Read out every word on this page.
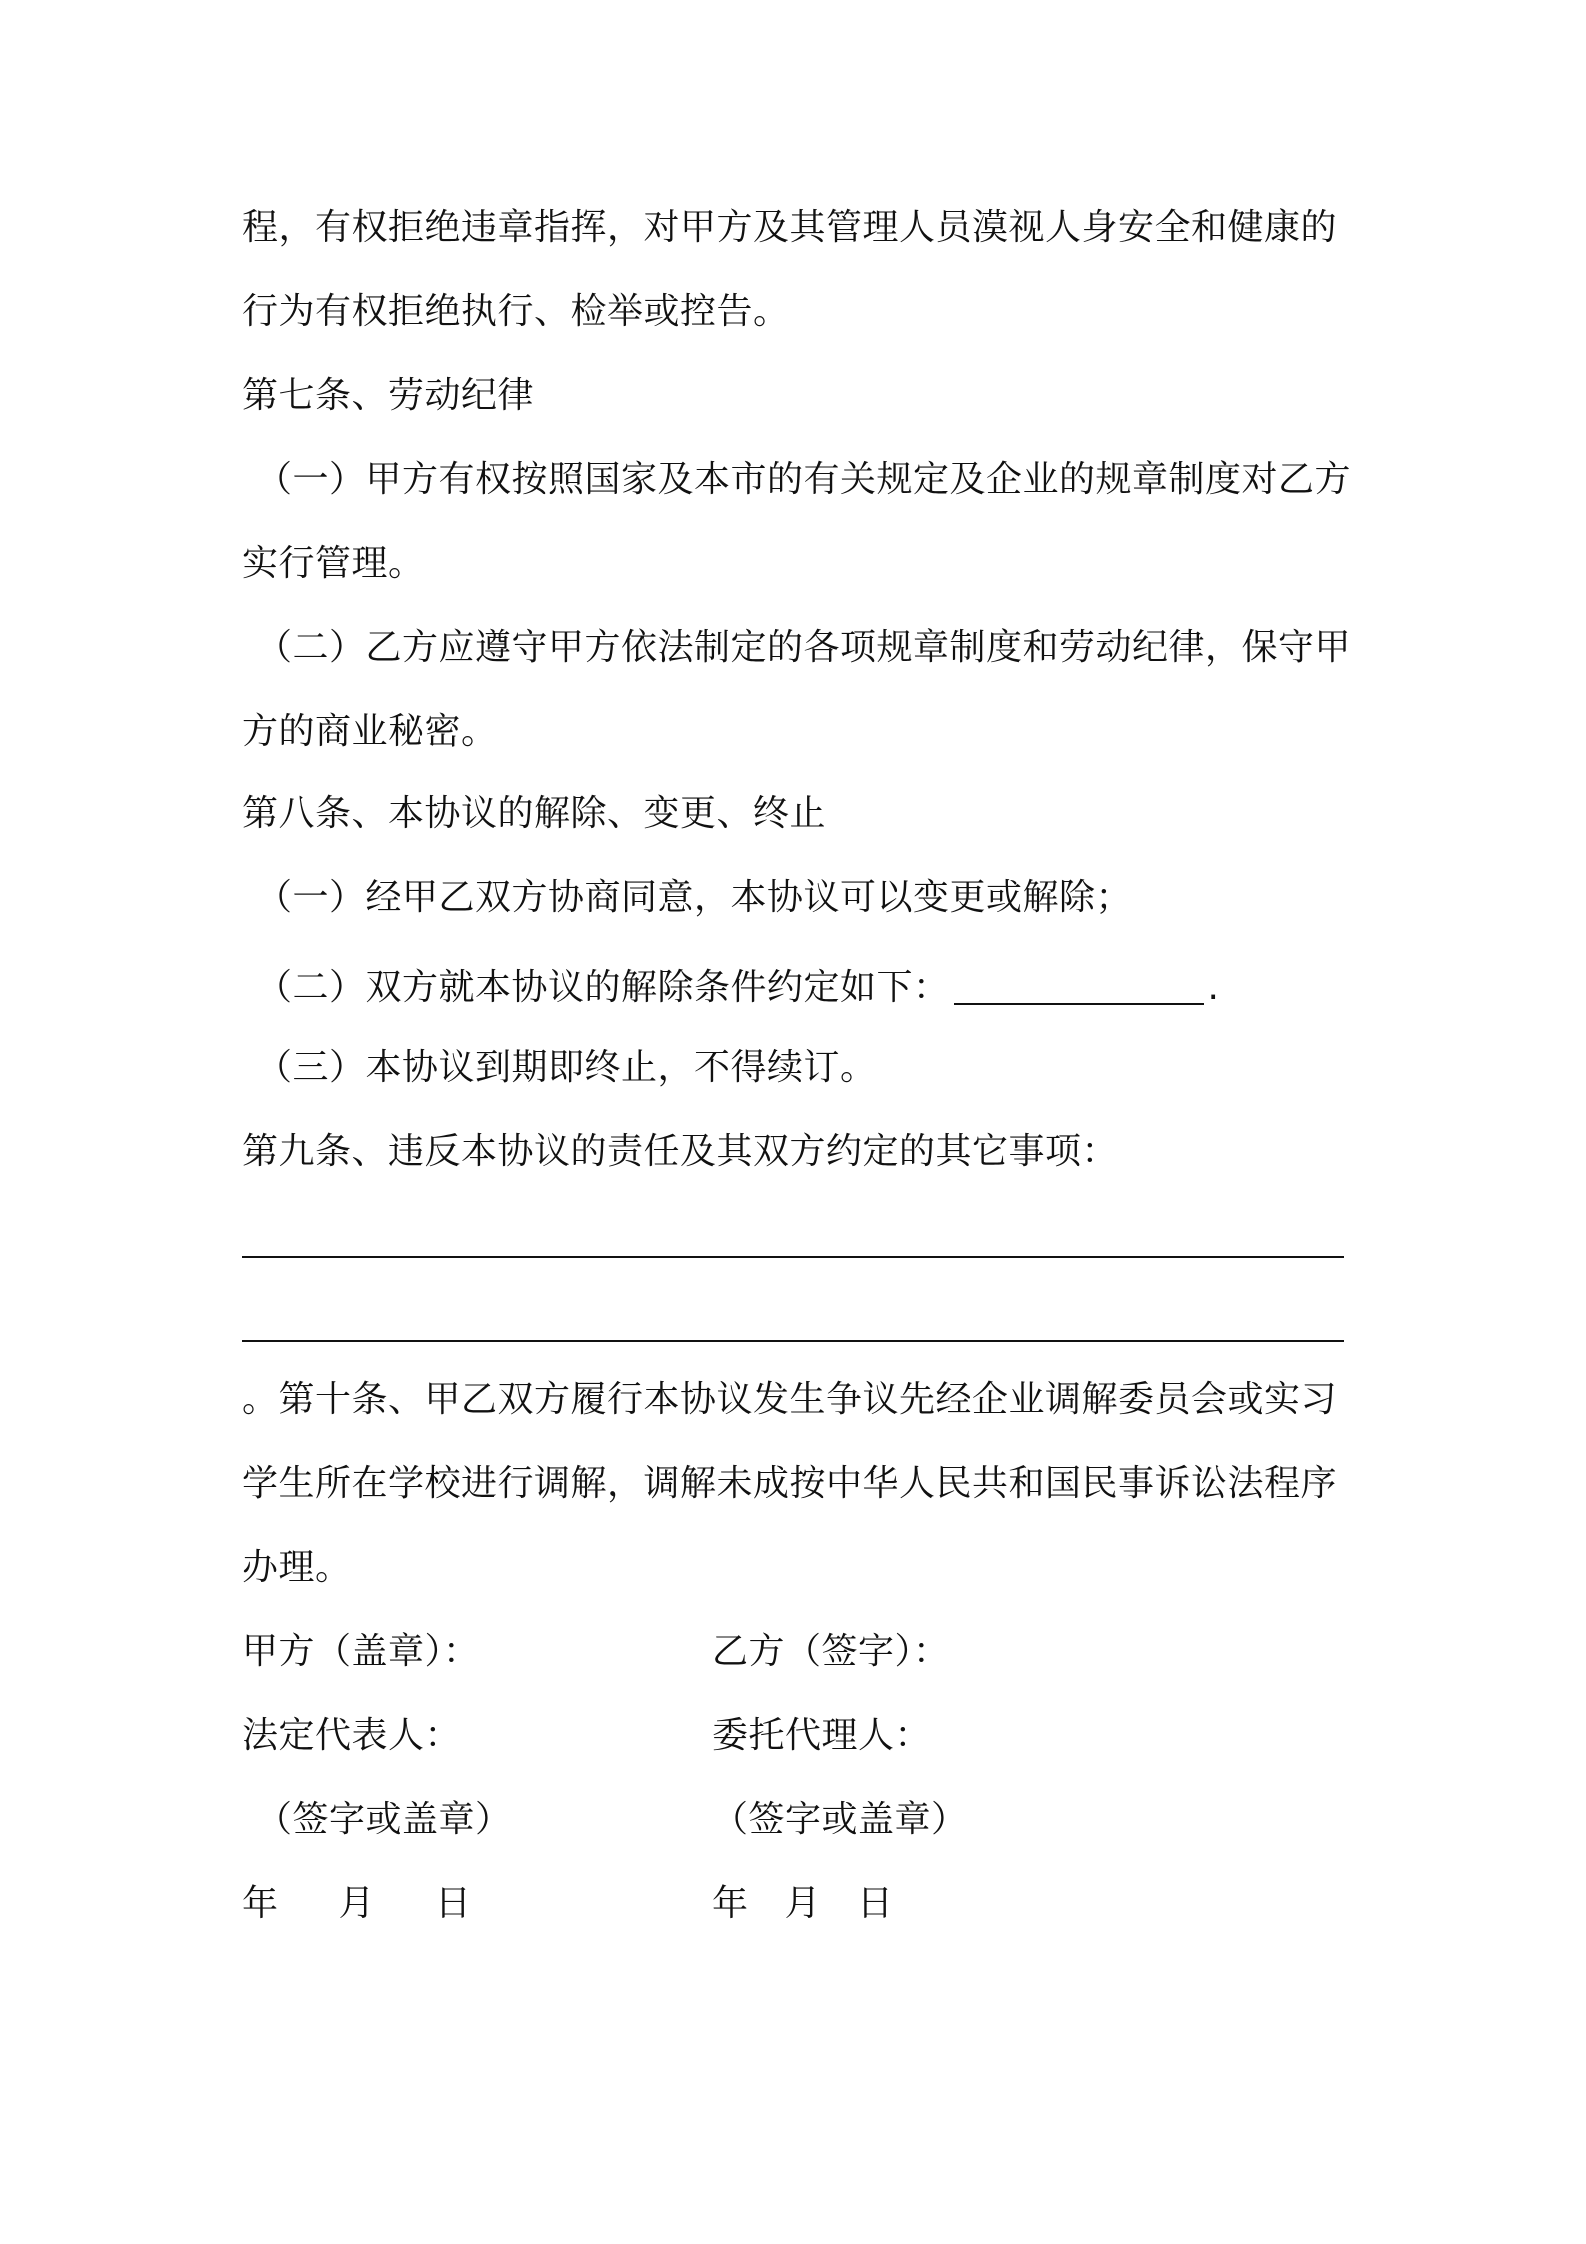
程，有权拒绝违章指挥，对甲方及其管理人员漠视人身安全和健康的
行为有权拒绝执行、检举或控告。
第七条、劳动纪律
（一）甲方有权按照国家及本市的有关规定及企业的规章制度对乙方
实行管理。
（二）乙方应遵守甲方依法制定的各项规章制度和劳动纪律，保守甲
方的商业秘密。
第八条、本协议的解除、变更、终止
（一）经甲乙双方协商同意，本协议可以变更或解除；
（二）双方就本协议的解除条件约定如下：	.
（三）本协议到期即终止，不得续订。
第九条、违反本协议的责任及其双方约定的其它事项：
。第十条、甲乙双方履行本协议发生争议先经企业调解委员会或实习
学生所在学校进行调解，调解未成按中华人民共和国民事诉讼法程序
办理。
甲方（盖章）：	乙方（签字）：
法定代表人：	委托代理人：
（签字或盖章）	（签字或盖章）
年 月 日	年 月 日
